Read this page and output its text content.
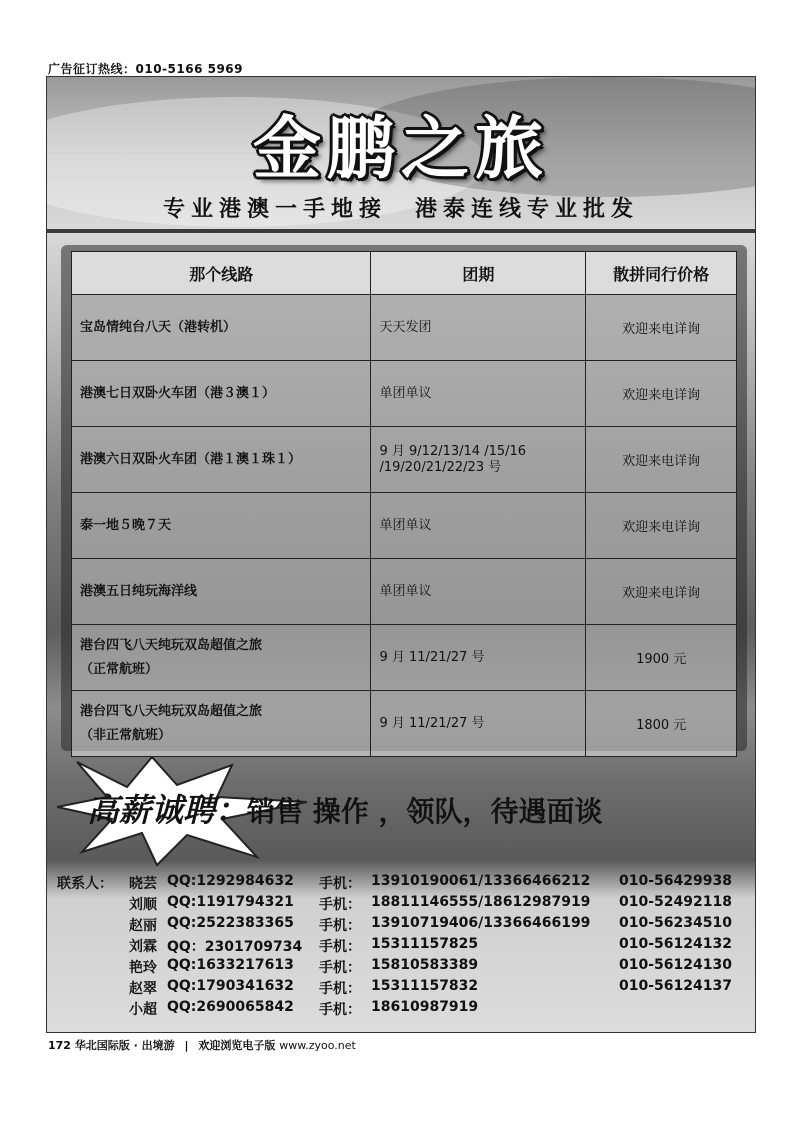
广告征订热线：010-5166 5969
金鹏之旅
专业港澳一手地接　港泰连线专业批发
那个线路	团期	散拼同行价格

宝岛情纯台八天（港转机）	天天发团	欢迎来电详询

港澳七日双卧火车团（港３澳１）	单团单议	欢迎来电详询

港澳六日双卧火车团（港１澳１珠１）	9 月 9/12/13/14 /15/16
/19/20/21/22/23 号	欢迎来电详询

泰一地５晚７天	单团单议	欢迎来电详询

港澳五日纯玩海洋线	单团单议	欢迎来电详询

港台四飞八天纯玩双岛超值之旅
（正常航班）	9 月 11/21/27 号	1900 元

港台四飞八天纯玩双岛超值之旅
（非正常航班）	9 月 11/21/27 号	1800 元
高薪诚聘：销售 操作 ，领队，待遇面谈
联系人： 晓芸 QQ:1292984632 手机： 13910190061/13366466212 010-56429938
刘顺 QQ:1191794321 手机： 18811146555/18612987919 010-52492118
赵丽 QQ:2522383365 手机： 13910719406/13366466199 010-56234510
刘霖 QQ：2301709734 手机： 15311157825	010-56124132
艳玲 QQ:1633217613 手机： 15810583389	010-56124130
赵翠 QQ:1790341632 手机： 15311157832	010-56124137
小超 QQ:2690065842 手机： 18610987919
172 华北国际版 · 出境游 | 欢迎浏览电子版 www.zyoo.net
